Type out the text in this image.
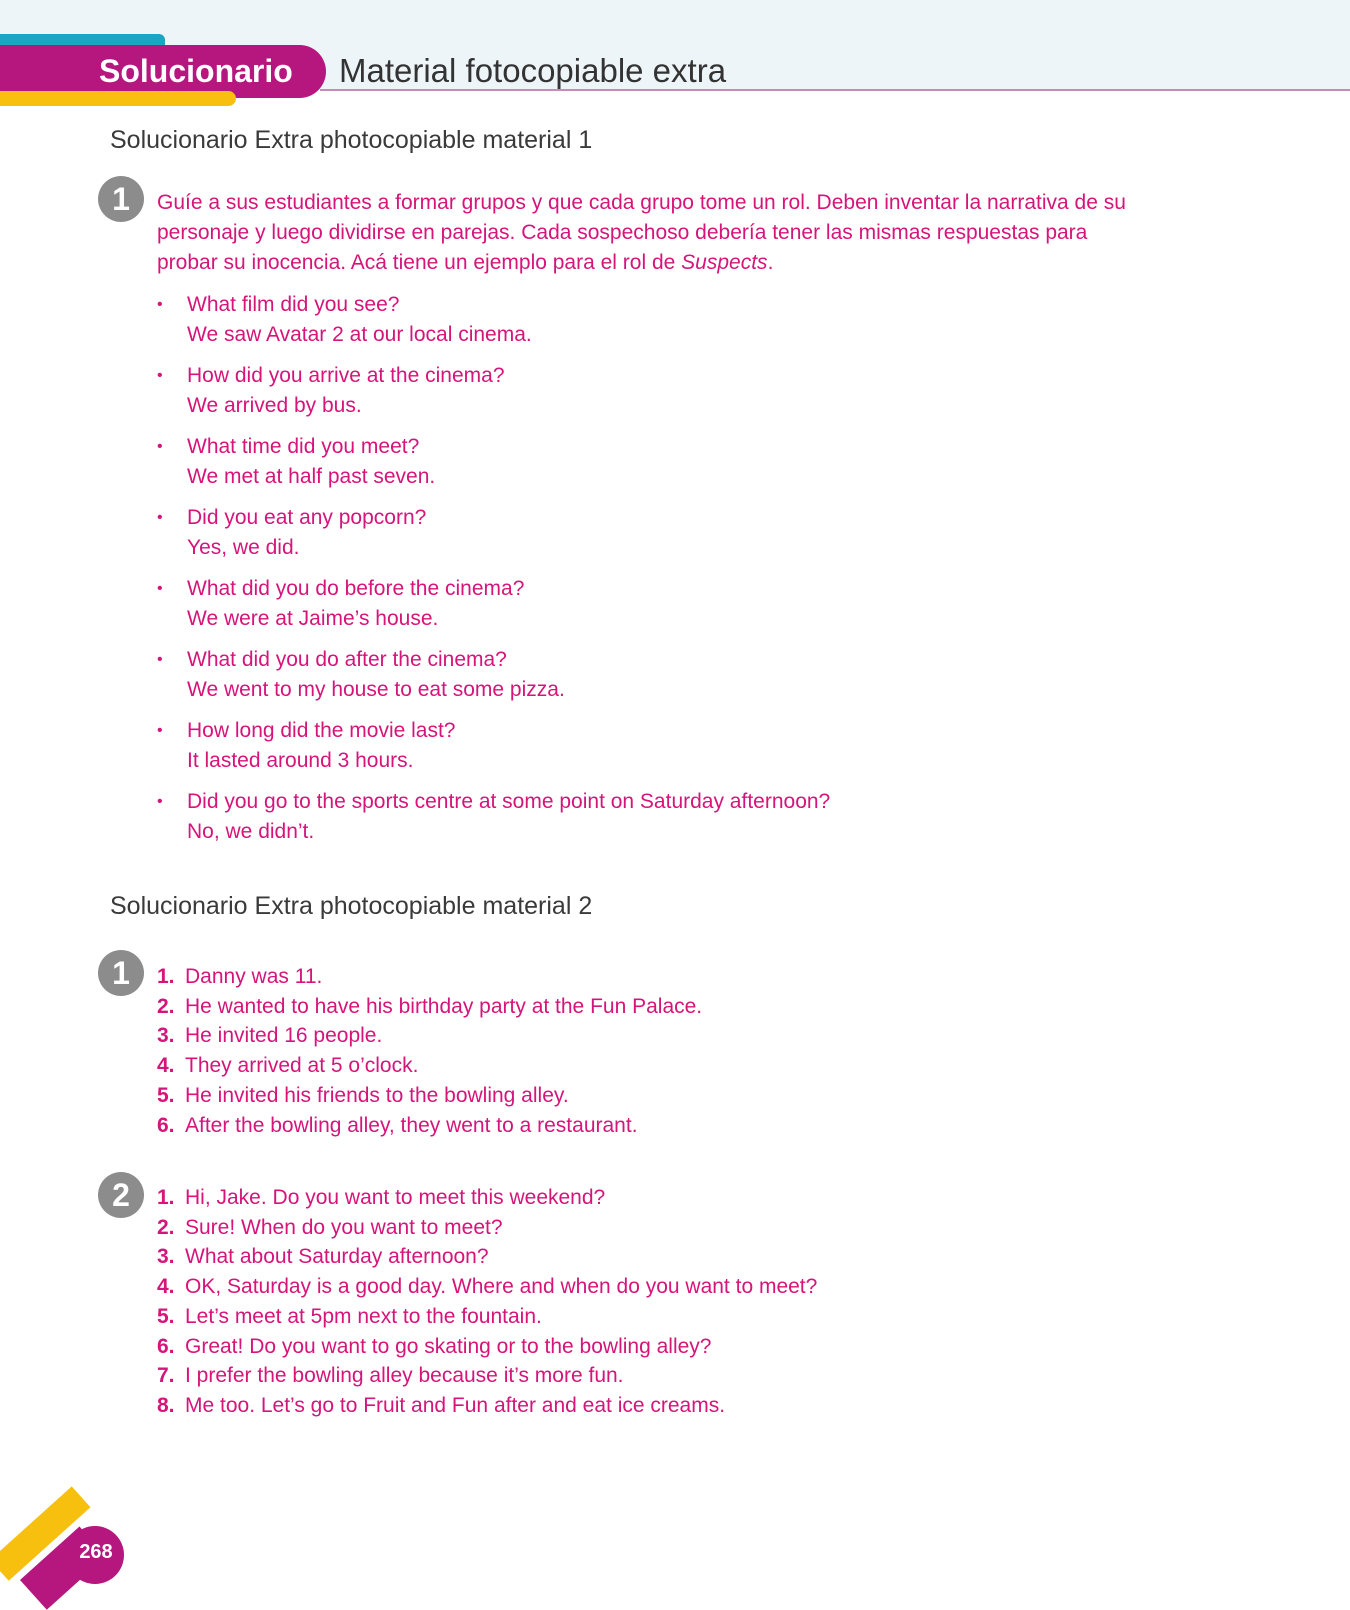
Solucionario Material fotocopiable extra
Solucionario Extra photocopiable material 1
1	Guíe a sus estudiantes a formar grupos y que cada grupo tome un rol. Deben inventar la narrativa de su personaje y luego dividirse en parejas. Cada sospechoso debería tener las mismas respuestas para probar su inocencia. Acá tiene un ejemplo para el rol de Suspects.
• What film did you see?
We saw Avatar 2 at our local cinema.
• How did you arrive at the cinema?
We arrived by bus.
• What time did you meet?
We met at half past seven.
• Did you eat any popcorn?
Yes, we did.
• What did you do before the cinema?
We were at Jaime’s house.
• What did you do after the cinema?
We went to my house to eat some pizza.
• How long did the movie last?
It lasted around 3 hours.
• Did you go to the sports centre at some point on Saturday afternoon?
No, we didn’t.
Solucionario Extra photocopiable material 2
1	1. Danny was 11.
2. He wanted to have his birthday party at the Fun Palace.
3. He invited 16 people.
4. They arrived at 5 o’clock.
5. He invited his friends to the bowling alley.
6. After the bowling alley, they went to a restaurant.
2	1. Hi, Jake. Do you want to meet this weekend?
2. Sure! When do you want to meet?
3. What about Saturday afternoon?
4. OK, Saturday is a good day. Where and when do you want to meet?
5. Let’s meet at 5pm next to the fountain.
6. Great! Do you want to go skating or to the bowling alley?
7. I prefer the bowling alley because it’s more fun.
8. Me too. Let’s go to Fruit and Fun after and eat ice creams.
268
